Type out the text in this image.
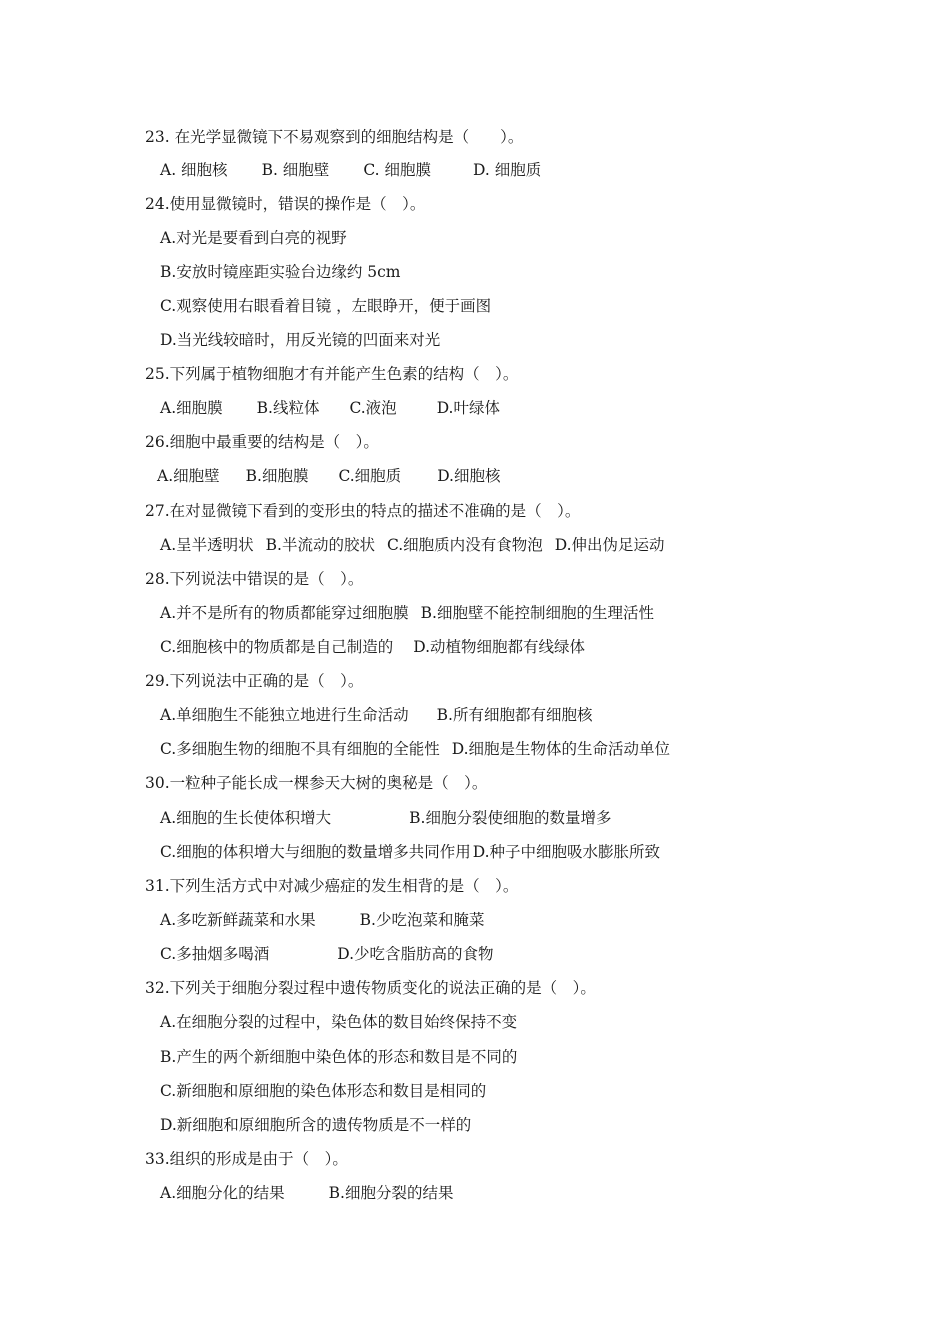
23. 在光学显微镜下不易观察到的细胞结构是（　　）。
A. 细胞核 B. 细胞壁 C. 细胞膜	D. 细胞质
24.使用显微镜时，错误的操作是（　）。
A.对光是要看到白亮的视野
B.安放时镜座距实验台边缘约 5cm
C.观察使用右眼看着目镜 ，左眼睁开，便于画图
D.当光线较暗时，用反光镜的凹面来对光
25.下列属于植物细胞才有并能产生色素的结构（　）。
A.细胞膜 B.线粒体 C.液泡	D.叶绿体
26.细胞中最重要的结构是（　）。
A.细胞壁 B.细胞膜 C.细胞质 D.细胞核
27.在对显微镜下看到的变形虫的特点的描述不准确的是（　）。
A.呈半透明状 B.半流动的胶状 C.细胞质内没有食物泡 D.伸出伪足运动
28.下列说法中错误的是（　）。
A.并不是所有的物质都能穿过细胞膜 B.细胞壁不能控制细胞的生理活性
C.细胞核中的物质都是自己制造的 D.动植物细胞都有线绿体
29.下列说法中正确的是（　）。
A.单细胞生不能独立地进行生命活动 B.所有细胞都有细胞核
C.多细胞生物的细胞不具有细胞的全能性 D.细胞是生物体的生命活动单位
30.一粒种子能长成一棵参天大树的奥秘是（　）。
A.细胞的生长使体积增大	B.细胞分裂使细胞的数量增多
C.细胞的体积增大与细胞的数量增多共同作用 D.种子中细胞吸水膨胀所致
31.下列生活方式中对减少癌症的发生相背的是（　）。
A.多吃新鲜蔬菜和水果	B.少吃泡菜和腌菜
C.多抽烟多喝酒	D.少吃含脂肪高的食物
32.下列关于细胞分裂过程中遗传物质变化的说法正确的是（　）。
A.在细胞分裂的过程中，染色体的数目始终保持不变
B.产生的两个新细胞中染色体的形态和数目是不同的
C.新细胞和原细胞的染色体形态和数目是相同的
D.新细胞和原细胞所含的遗传物质是不一样的
33.组织的形成是由于（　）。
A.细胞分化的结果	B.细胞分裂的结果
